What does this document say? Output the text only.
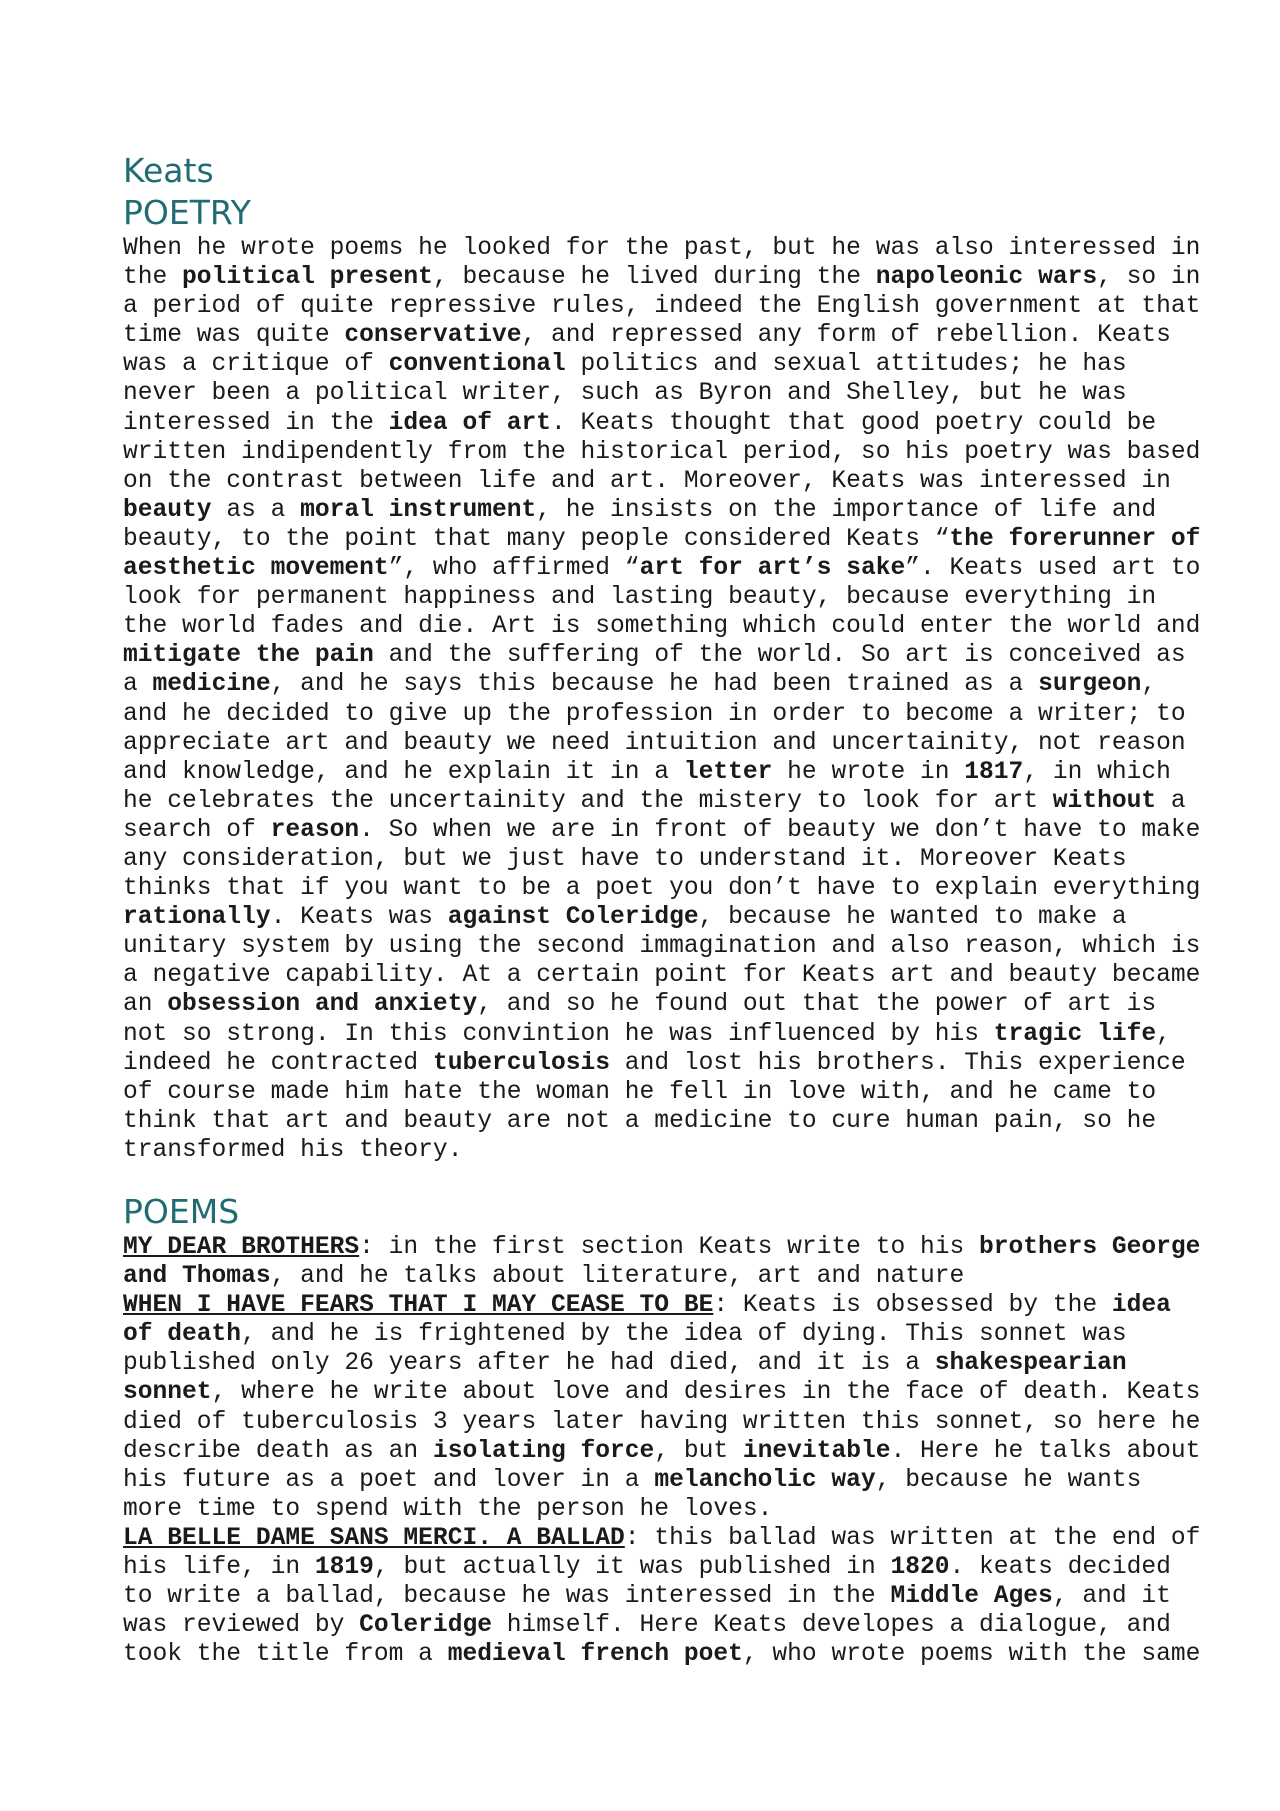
Keats
POETRY
When he wrote poems he looked for the past, but he was also interessed in
the political present, because he lived during the napoleonic wars, so in
a period of quite repressive rules, indeed the English government at that
time was quite conservative, and repressed any form of rebellion. Keats
was a critique of conventional politics and sexual attitudes; he has
never been a political writer, such as Byron and Shelley, but he was
interessed in the idea of art. Keats thought that good poetry could be
written indipendently from the historical period, so his poetry was based
on the contrast between life and art. Moreover, Keats was interessed in
beauty as a moral instrument, he insists on the importance of life and
beauty, to the point that many people considered Keats “the forerunner of
aesthetic movement”, who affirmed “art for art’s sake”. Keats used art to
look for permanent happiness and lasting beauty, because everything in
the world fades and die. Art is something which could enter the world and
mitigate the pain and the suffering of the world. So art is conceived as
a medicine, and he says this because he had been trained as a surgeon,
and he decided to give up the profession in order to become a writer; to
appreciate art and beauty we need intuition and uncertainity, not reason
and knowledge, and he explain it in a letter he wrote in 1817, in which
he celebrates the uncertainity and the mistery to look for art without a
search of reason. So when we are in front of beauty we don’t have to make
any consideration, but we just have to understand it. Moreover Keats
thinks that if you want to be a poet you don’t have to explain everything
rationally. Keats was against Coleridge, because he wanted to make a
unitary system by using the second immagination and also reason, which is
a negative capability. At a certain point for Keats art and beauty became
an obsession and anxiety, and so he found out that the power of art is
not so strong. In this convintion he was influenced by his tragic life,
indeed he contracted tuberculosis and lost his brothers. This experience
of course made him hate the woman he fell in love with, and he came to
think that art and beauty are not a medicine to cure human pain, so he
transformed his theory.
POEMS
MY DEAR BROTHERS: in the first section Keats write to his brothers George
and Thomas, and he talks about literature, art and nature
WHEN I HAVE FEARS THAT I MAY CEASE TO BE: Keats is obsessed by the idea
of death, and he is frightened by the idea of dying. This sonnet was
published only 26 years after he had died, and it is a shakespearian
sonnet, where he write about love and desires in the face of death. Keats
died of tuberculosis 3 years later having written this sonnet, so here he
describe death as an isolating force, but inevitable. Here he talks about
his future as a poet and lover in a melancholic way, because he wants
more time to spend with the person he loves.
LA BELLE DAME SANS MERCI. A BALLAD: this ballad was written at the end of
his life, in 1819, but actually it was published in 1820. keats decided
to write a ballad, because he was interessed in the Middle Ages, and it
was reviewed by Coleridge himself. Here Keats developes a dialogue, and
took the title from a medieval french poet, who wrote poems with the same
